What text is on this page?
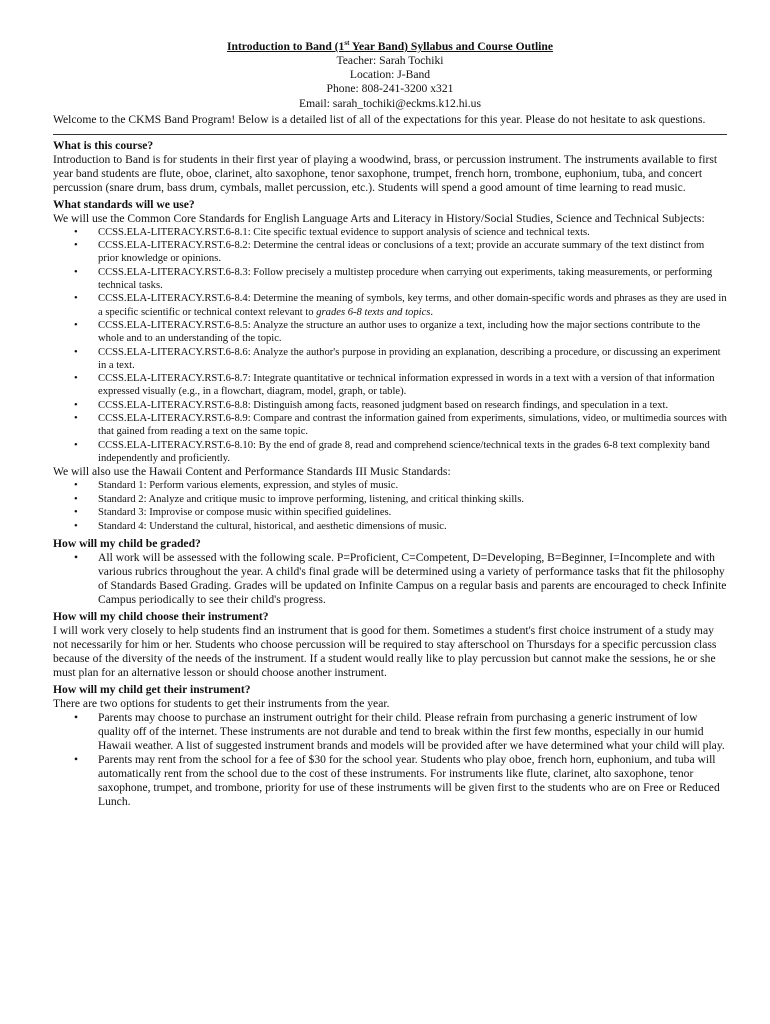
Introduction to Band (1st Year Band) Syllabus and Course Outline
Teacher: Sarah Tochiki
Location: J-Band
Phone: 808-241-3200 x321
Email: sarah_tochiki@eckms.k12.hi.us

Welcome to the CKMS Band Program! Below is a detailed list of all of the expectations for this year. Please do not hesitate to ask questions.

What is this course?

Introduction to Band is for students in their first year of playing a woodwind, brass, or percussion instrument. The instruments available to first year band students are flute, oboe, clarinet, alto saxophone, tenor saxophone, trumpet, french horn, trombone, euphonium, tuba, and concert percussion (snare drum, bass drum, cymbals, mallet percussion, etc.). Students will spend a good amount of time learning to read music.

What standards will we use?

We will use the Common Core Standards for English Language Arts and Literacy in History/Social Studies, Science and Technical Subjects:

• CCSS.ELA-LITERACY.RST.6-8.1: Cite specific textual evidence to support analysis of science and technical texts.
• CCSS.ELA-LITERACY.RST.6-8.2: Determine the central ideas or conclusions of a text; provide an accurate summary of the text distinct from prior knowledge or opinions.
• CCSS.ELA-LITERACY.RST.6-8.3: Follow precisely a multistep procedure when carrying out experiments, taking measurements, or performing technical tasks.
• CCSS.ELA-LITERACY.RST.6-8.4: Determine the meaning of symbols, key terms, and other domain-specific words and phrases as they are used in a specific scientific or technical context relevant to grades 6-8 texts and topics.
• CCSS.ELA-LITERACY.RST.6-8.5: Analyze the structure an author uses to organize a text, including how the major sections contribute to the whole and to an understanding of the topic.
• CCSS.ELA-LITERACY.RST.6-8.6: Analyze the author's purpose in providing an explanation, describing a procedure, or discussing an experiment in a text.
• CCSS.ELA-LITERACY.RST.6-8.7: Integrate quantitative or technical information expressed in words in a text with a version of that information expressed visually (e.g., in a flowchart, diagram, model, graph, or table).
• CCSS.ELA-LITERACY.RST.6-8.8: Distinguish among facts, reasoned judgment based on research findings, and speculation in a text.
• CCSS.ELA-LITERACY.RST.6-8.9: Compare and contrast the information gained from experiments, simulations, video, or multimedia sources with that gained from reading a text on the same topic.
• CCSS.ELA-LITERACY.RST.6-8.10: By the end of grade 8, read and comprehend science/technical texts in the grades 6-8 text complexity band independently and proficiently.

We will also use the Hawaii Content and Performance Standards III Music Standards:

• Standard 1: Perform various elements, expression, and styles of music.
• Standard 2: Analyze and critique music to improve performing, listening, and critical thinking skills.
• Standard 3: Improvise or compose music within specified guidelines.
• Standard 4: Understand the cultural, historical, and aesthetic dimensions of music.
How will my child be graded?
• All work will be assessed with the following scale. P=Proficient, C=Competent, D=Developing, B=Beginner, I=Incomplete and with various rubrics throughout the year. A child's final grade will be determined using a variety of performance tasks that fit the philosophy of Standards Based Grading. Grades will be updated on Infinite Campus on a regular basis and parents are encouraged to check Infinite Campus periodically to see their child's progress.
How will my child choose their instrument?

I will work very closely to help students find an instrument that is good for them. Sometimes a student's first choice instrument of a study may not necessarily for him or her. Students who choose percussion will be required to stay afterschool on Thursdays for a specific percussion class because of the diversity of the needs of the instrument. If a student would really like to play percussion but cannot make the sessions, he or she must plan for an alternative lesson or should choose another instrument.

How will my child get their instrument?

There are two options for students to get their instruments from the year.

• Parents may choose to purchase an instrument outright for their child. Please refrain from purchasing a generic instrument of low quality off of the internet. These instruments are not durable and tend to break within the first few months, especially in our humid Hawaii weather. A list of suggested instrument brands and models will be provided after we have determined what your child will play.
• Parents may rent from the school for a fee of $30 for the school year. Students who play oboe, french horn, euphonium, and tuba will automatically rent from the school due to the cost of these instruments. For instruments like flute, clarinet, alto saxophone, tenor saxophone, trumpet, and trombone, priority for use of these instruments will be given first to the students who are on Free or Reduced Lunch.
